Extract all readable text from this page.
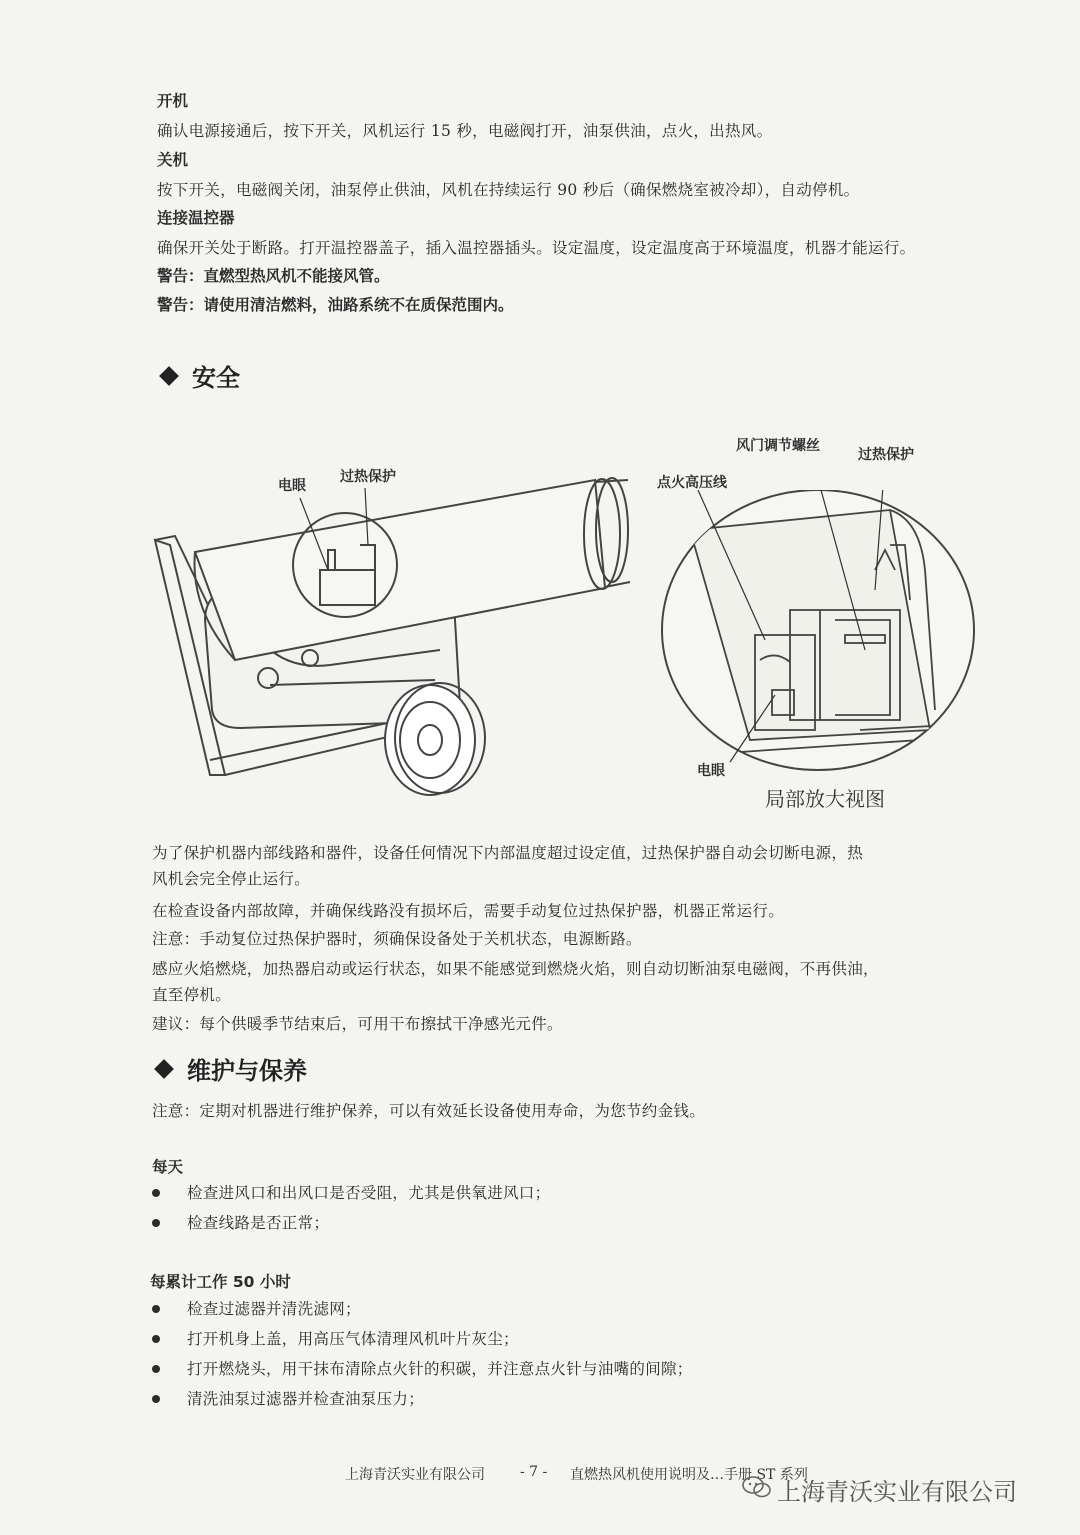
开机
确认电源接通后，按下开关，风机运行 15 秒，电磁阀打开，油泵供油，点火，出热风。
关机
按下开关，电磁阀关闭，油泵停止供油，风机在持续运行 90 秒后（确保燃烧室被冷却），自动停机。
连接温控器
确保开关处于断路。打开温控器盖子，插入温控器插头。设定温度，设定温度高于环境温度，机器才能运行。
警告：直燃型热风机不能接风管。
警告：请使用清洁燃料，油路系统不在质保范围内。
安全
电眼
过热保护
风门调节螺丝
过热保护
点火高压线
电眼
局部放大视图
为了保护机器内部线路和器件，设备任何情况下内部温度超过设定值，过热保护器自动会切断电源，热
风机会完全停止运行。
在检查设备内部故障，并确保线路没有损坏后，需要手动复位过热保护器，机器正常运行。
注意：手动复位过热保护器时，须确保设备处于关机状态，电源断路。
感应火焰燃烧，加热器启动或运行状态，如果不能感觉到燃烧火焰，则自动切断油泵电磁阀，不再供油，
直至停机。
建议：每个供暖季节结束后，可用干布擦拭干净感光元件。
维护与保养
注意：定期对机器进行维护保养，可以有效延长设备使用寿命，为您节约金钱。
每天
检查进风口和出风口是否受阻，尤其是供氧进风口；
检查线路是否正常；
每累计工作 50 小时
检查过滤器并清洗滤网；
打开机身上盖，用高压气体清理风机叶片灰尘；
打开燃烧头，用干抹布清除点火针的积碳，并注意点火针与油嘴的间隙；
清洗油泵过滤器并检查油泵压力；
上海青沃实业有限公司	- 7 - 直燃热风机使用说明及…手册 ST 系列
上海青沃实业有限公司
